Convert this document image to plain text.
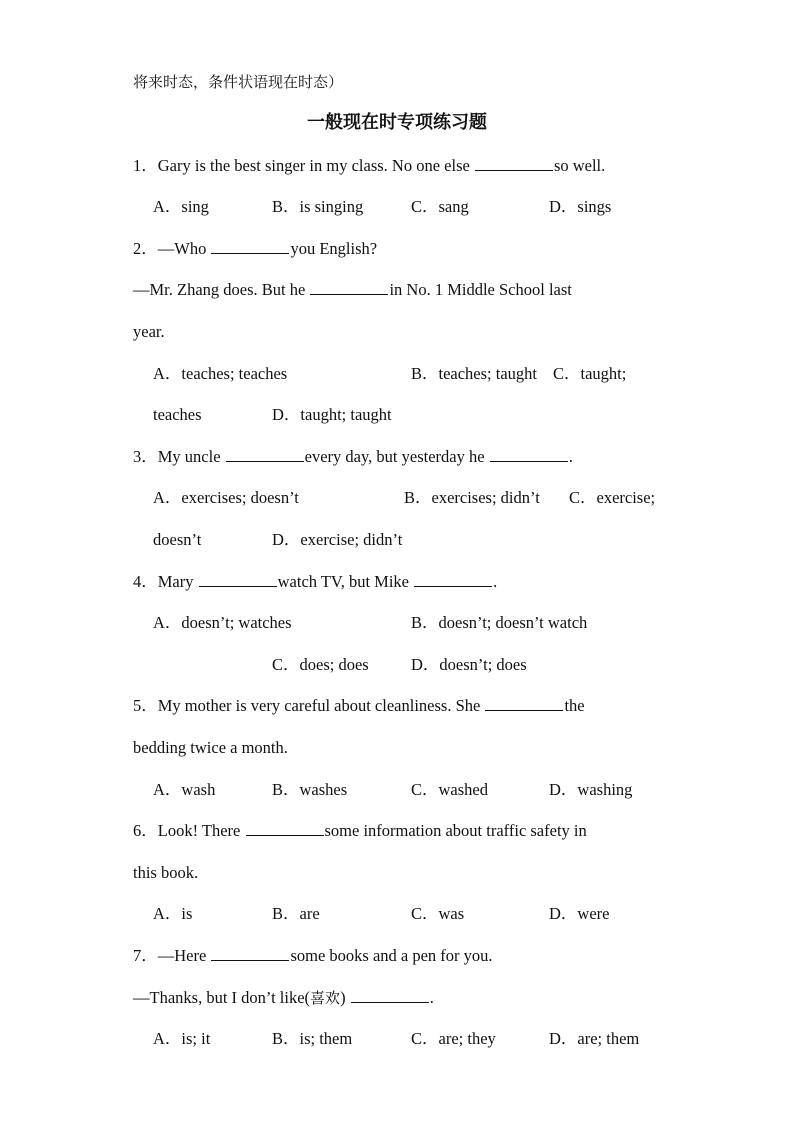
将来时态，条件状语现在时态）
一般现在时专项练习题
1．Gary is the best singer in my class. No one else	so well.
A．sing	B．is singing	C．sang	D．sings
2．—Who	you English?
—Mr. Zhang does. But he	in No. 1 Middle School last
year.
A．teaches; teaches	B．teaches; taught C．taught;
teaches	D．taught; taught
3．My uncle	every day, but yesterday he	.
A．exercises; doesn’t	B．exercises; didn’t C．exercise;
doesn’t	D．exercise; didn’t
4．Mary	watch TV, but Mike	.
A．doesn’t; watches	B．doesn’t; doesn’t watch
C．does; does	D．doesn’t; does
5．My mother is very careful about cleanliness. She	the
bedding twice a month.
A．wash	B．washes	C．washed	D．washing
6．Look! There	some information about traffic safety in
this book.
A．is	B．are	C．was	D．were
7．—Here	some books and a pen for you.
—Thanks, but I don’t like(喜欢)	.
A．is; it	B．is; them	C．are; they	D．are; them
